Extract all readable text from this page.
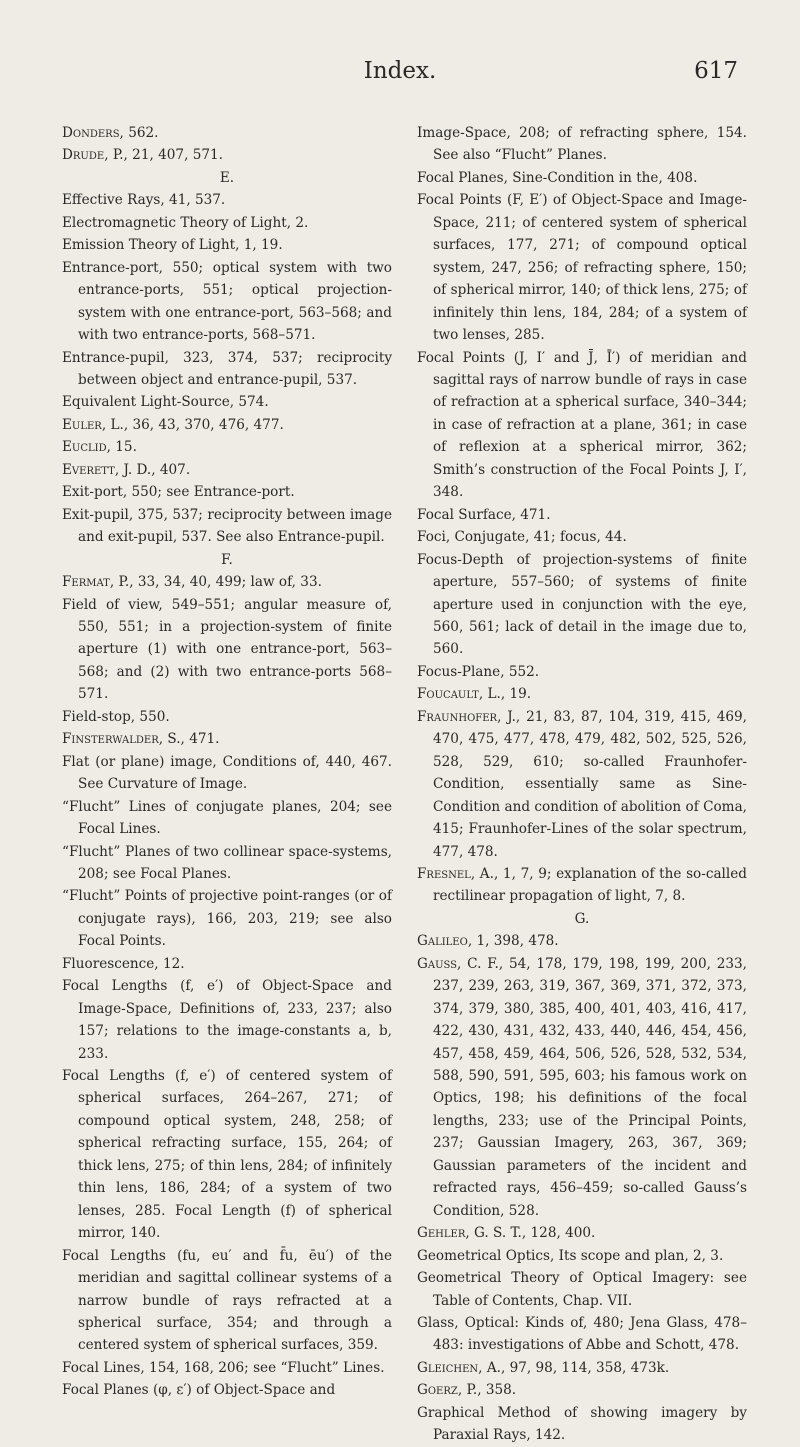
Index.	617

Donders, 562.

Drude, P., 21, 407, 571.

E.

Effective Rays, 41, 537.

Electromagnetic Theory of Light, 2.

Emission Theory of Light, 1, 19.

Entrance-port, 550; optical system with two entrance-ports, 551; optical projection-system with one entrance-port, 563–568; and with two entrance-ports, 568–571.

Entrance-pupil, 323, 374, 537; reciprocity between object and entrance-pupil, 537.

Equivalent Light-Source, 574.

Euler, L., 36, 43, 370, 476, 477.

Euclid, 15.

Everett, J. D., 407.

Exit-port, 550; see Entrance-port.

Exit-pupil, 375, 537; reciprocity between image and exit-pupil, 537. See also Entrance-pupil.

F.

Fermat, P., 33, 34, 40, 499; law of, 33.

Field of view, 549–551; angular measure of, 550, 551; in a projection-system of finite aperture (1) with one entrance-port, 563–568; and (2) with two entrance-ports 568–571.

Field-stop, 550.

Finsterwalder, S., 471.

Flat (or plane) image, Conditions of, 440, 467. See Curvature of Image.

“Flucht” Lines of conjugate planes, 204; see Focal Lines.

“Flucht” Planes of two collinear space-systems, 208; see Focal Planes.

“Flucht” Points of projective point-ranges (or of conjugate rays), 166, 203, 219; see also Focal Points.

Fluorescence, 12.

Focal Lengths (f, e′) of Object-Space and Image-Space, Definitions of, 233, 237; also 157; relations to the image-constants a, b, 233.

Focal Lengths (f, e′) of centered system of spherical surfaces, 264–267, 271; of compound optical system, 248, 258; of spherical refracting surface, 155, 264; of thick lens, 275; of thin lens, 284; of infinitely thin lens, 186, 284; of a system of two lenses, 285. Focal Length (f) of spherical mirror, 140.

Focal Lengths (fu, eu′ and f̄u, ēu′) of the meridian and sagittal collinear systems of a narrow bundle of rays refracted at a spherical surface, 354; and through a centered system of spherical surfaces, 359.

Focal Lines, 154, 168, 206; see “Flucht” Lines.

Focal Planes (φ, ε′) of Object-Space and

Image-Space, 208; of refracting sphere, 154. See also “Flucht” Planes.

Focal Planes, Sine-Condition in the, 408.

Focal Points (F, E′) of Object-Space and Image-Space, 211; of centered system of spherical surfaces, 177, 271; of compound optical system, 247, 256; of refracting sphere, 150; of spherical mirror, 140; of thick lens, 275; of infinitely thin lens, 184, 284; of a system of two lenses, 285.

Focal Points (J, I′ and J̄, Ī′) of meridian and sagittal rays of narrow bundle of rays in case of refraction at a spherical surface, 340–344; in case of refraction at a plane, 361; in case of reflexion at a spherical mirror, 362; Smith’s construction of the Focal Points J, I′, 348.

Focal Surface, 471.

Foci, Conjugate, 41; focus, 44.

Focus-Depth of projection-systems of finite aperture, 557–560; of systems of finite aperture used in conjunction with the eye, 560, 561; lack of detail in the image due to, 560.

Focus-Plane, 552.

Foucault, L., 19.

Fraunhofer, J., 21, 83, 87, 104, 319, 415, 469, 470, 475, 477, 478, 479, 482, 502, 525, 526, 528, 529, 610; so-called Fraunhofer-Condition, essentially same as Sine-Condition and condition of abolition of Coma, 415; Fraunhofer-Lines of the solar spectrum, 477, 478.

Fresnel, A., 1, 7, 9; explanation of the so-called rectilinear propagation of light, 7, 8.

G.

Galileo, 1, 398, 478.

Gauss, C. F., 54, 178, 179, 198, 199, 200, 233, 237, 239, 263, 319, 367, 369, 371, 372, 373, 374, 379, 380, 385, 400, 401, 403, 416, 417, 422, 430, 431, 432, 433, 440, 446, 454, 456, 457, 458, 459, 464, 506, 526, 528, 532, 534, 588, 590, 591, 595, 603; his famous work on Optics, 198; his definitions of the focal lengths, 233; use of the Principal Points, 237; Gaussian Imagery, 263, 367, 369; Gaussian parameters of the incident and refracted rays, 456–459; so-called Gauss’s Condition, 528.

Gehler, G. S. T., 128, 400.

Geometrical Optics, Its scope and plan, 2, 3.

Geometrical Theory of Optical Imagery: see Table of Contents, Chap. VII.

Glass, Optical: Kinds of, 480; Jena Glass, 478–483: investigations of Abbe and Schott, 478.

Gleichen, A., 97, 98, 114, 358, 473k.

Goerz, P., 358.

Graphical Method of showing imagery by Paraxial Rays, 142.
